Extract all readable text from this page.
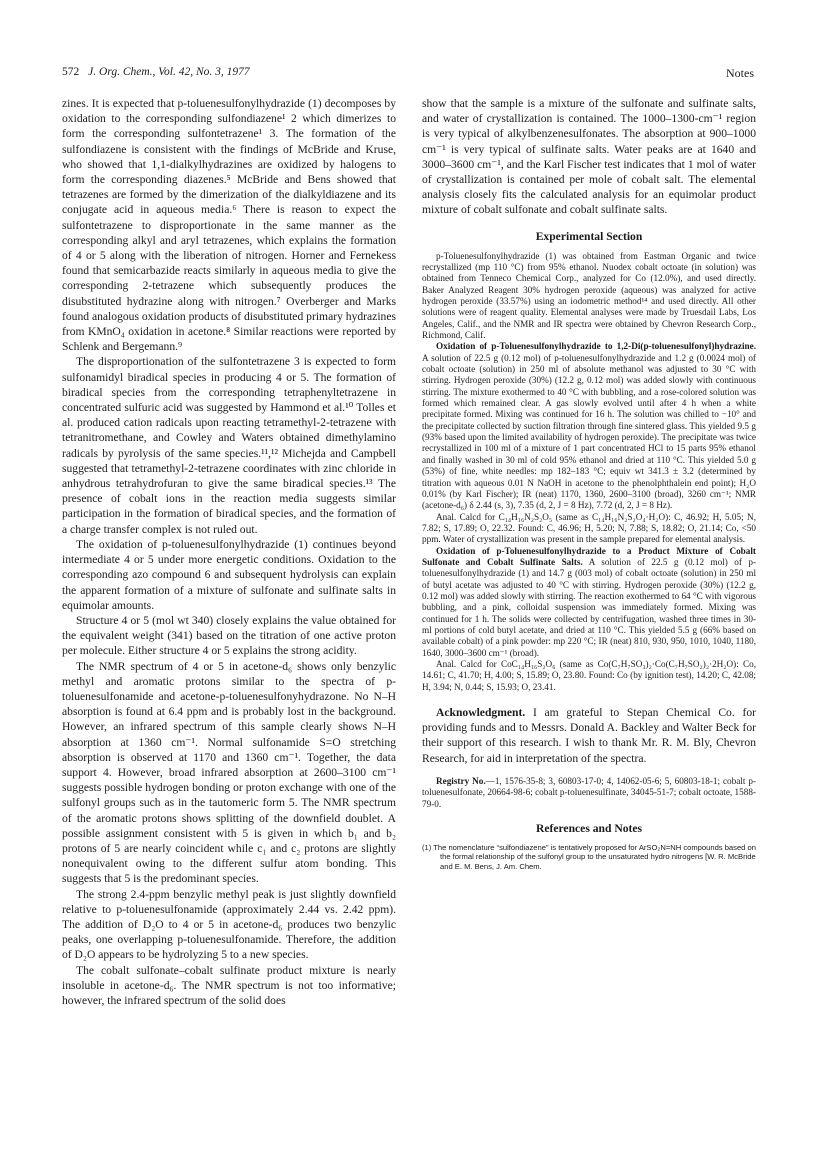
572 J. Org. Chem., Vol. 42, No. 3, 1977	Notes

zines. It is expected that p-toluenesulfonylhydrazide (1) decomposes by oxidation to the corresponding sulfondiazene¹ 2 which dimerizes to form the corresponding sulfontetrazene¹ 3. The formation of the sulfondiazene is consistent with the findings of McBride and Kruse, who showed that 1,1-dialkylhydrazines are oxidized by halogens to form the corresponding diazenes.⁵ McBride and Bens showed that tetrazenes are formed by the dimerization of the dialkyldiazene and its conjugate acid in aqueous media.⁶ There is reason to expect the sulfontetrazene to disproportionate in the same manner as the corresponding alkyl and aryl tetrazenes, which explains the formation of 4 or 5 along with the liberation of nitrogen. Horner and Fernekess found that semicarbazide reacts similarly in aqueous media to give the corresponding 2-tetrazene which subsequently produces the disubstituted hydrazine along with nitrogen.⁷ Overberger and Marks found analogous oxidation products of disubstituted primary hydrazines from KMnO₄ oxidation in acetone.⁸ Similar reactions were reported by Schlenk and Bergemann.⁹

The disproportionation of the sulfontetrazene 3 is expected to form sulfonamidyl biradical species in producing 4 or 5. The formation of biradical species from the corresponding tetraphenyltetrazene in concentrated sulfuric acid was suggested by Hammond et al.¹⁰ Tolles et al. produced cation radicals upon reacting tetramethyl-2-tetrazene with tetranitromethane, and Cowley and Waters obtained dimethylamino radicals by pyrolysis of the same species.¹¹,¹² Michejda and Campbell suggested that tetramethyl-2-tetrazene coordinates with zinc chloride in anhydrous tetrahydrofuran to give the same biradical species.¹³ The presence of cobalt ions in the reaction media suggests similar participation in the formation of biradical species, and the formation of a charge transfer complex is not ruled out.

The oxidation of p-toluenesulfonylhydrazide (1) continues beyond intermediate 4 or 5 under more energetic conditions. Oxidation to the corresponding azo compound 6 and subsequent hydrolysis can explain the apparent formation of a mixture of sulfonate and sulfinate salts in equimolar amounts.

Structure 4 or 5 (mol wt 340) closely explains the value obtained for the equivalent weight (341) based on the titration of one active proton per molecule. Either structure 4 or 5 explains the strong acidity.

The NMR spectrum of 4 or 5 in acetone-d₆ shows only benzylic methyl and aromatic protons similar to the spectra of p-toluenesulfonamide and acetone-p-toluenesulfonyhydrazone. No N–H absorption is found at 6.4 ppm and is probably lost in the background. However, an infrared spectrum of this sample clearly shows N–H absorption at 1360 cm⁻¹. Normal sulfonamide S=O stretching absorption is observed at 1170 and 1360 cm⁻¹. Together, the data support 4. However, broad infrared absorption at 2600–3100 cm⁻¹ suggests possible hydrogen bonding or proton exchange with one of the sulfonyl groups such as in the tautomeric form 5. The NMR spectrum of the aromatic protons shows splitting of the downfield doublet. A possible assignment consistent with 5 is given in which b₁ and b₂ protons of 5 are nearly coincident while c₁ and c₂ protons are slightly nonequivalent owing to the different sulfur atom bonding. This suggests that 5 is the predominant species.

The strong 2.4-ppm benzylic methyl peak is just slightly downfield relative to p-toluenesulfonamide (approximately 2.44 vs. 2.42 ppm). The addition of D₂O to 4 or 5 in acetone-d₆ produces two benzylic peaks, one overlapping p-toluenesulfonamide. Therefore, the addition of D₂O appears to be hydrolyzing 5 to a new species.

The cobalt sulfonate–cobalt sulfinate product mixture is nearly insoluble in acetone-d₆. The NMR spectrum is not too informative; however, the infrared spectrum of the solid does

show that the sample is a mixture of the sulfonate and sulfinate salts, and water of crystallization is contained. The 1000–1300-cm⁻¹ region is very typical of alkylbenzenesulfonates. The absorption at 900–1000 cm⁻¹ is very typical of sulfinate salts. Water peaks are at 1640 and 3000–3600 cm⁻¹, and the Karl Fischer test indicates that 1 mol of water of crystallization is contained per mole of cobalt salt. The elemental analysis closely fits the calculated analysis for an equimolar product mixture of cobalt sulfonate and cobalt sulfinate salts.

Experimental Section

p-Toluenesulfonylhydrazide (1) was obtained from Eastman Organic and twice recrystallized (mp 110 °C) from 95% ethanol. Nuodex cobalt octoate (in solution) was obtained from Tenneco Chemical Corp., analyzed for Co (12.0%), and used directly. Baker Analyzed Reagent 30% hydrogen peroxide (aqueous) was analyzed for active hydrogen peroxide (33.57%) using an iodometric method¹⁴ and used directly. All other solutions were of reagent quality. Elemental analyses were made by Truesdail Labs, Los Angeles, Calif., and the NMR and IR spectra were obtained by Chevron Research Corp., Richmond, Calif.

Oxidation of p-Toluenesulfonylhydrazide to 1,2-Di(p-toluenesulfonyl)hydrazine. A solution of 22.5 g (0.12 mol) of p-toluenesulfonylhydrazide and 1.2 g (0.0024 mol) of cobalt octoate (solution) in 250 ml of absolute methanol was adjusted to 30 °C with stirring. Hydrogen peroxide (30%) (12.2 g, 0.12 mol) was added slowly with continuous stirring. The mixture exothermed to 40 °C with bubbling, and a rose-colored solution was formed which remained clear. A gas slowly evolved until after 4 h when a white precipitate formed. Mixing was continued for 16 h. The solution was chilled to −10° and the precipitate collected by suction filtration through fine sintered glass. This yielded 9.5 g (93% based upon the limited availability of hydrogen peroxide). The precipitate was twice recrystallized in 100 ml of a mixture of 1 part concentrated HCl to 15 parts 95% ethanol and finally washed in 30 ml of cold 95% ethanol and dried at 110 °C. This yielded 5.0 g (53%) of fine, white needles: mp 182–183 °C; equiv wt 341.3 ± 3.2 (determined by titration with aqueous 0.01 N NaOH in acetone to the phenolphthalein end point); H₂O 0.01% (by Karl Fischer); IR (neat) 1170, 1360, 2600–3100 (broad), 3260 cm⁻¹; NMR (acetone-d₆) δ 2.44 (s, 3), 7.35 (d, 2, J = 8 Hz), 7.72 (d, 2, J = 8 Hz).

Anal. Calcd for C₁₄H₁₆N₂S₂O₅ (same as C₁₄H₁₆N₂S₂O₄·H₂O): C, 46.92; H, 5.05; N, 7.82; S, 17.89; O, 22.32. Found: C, 46.96; H, 5.20; N, 7.88; S, 18.82; O, 21.14; Co, <50 ppm. Water of crystallization was present in the sample prepared for elemental analysis.

Oxidation of p-Toluenesulfonylhydrazide to a Product Mixture of Cobalt Sulfonate and Cobalt Sulfinate Salts. A solution of 22.5 g (0.12 mol) of p-toluenesulfonylhydrazide (1) and 14.7 g (003 mol) of cobalt octoate (solution) in 250 ml of butyl acetate was adjusted to 40 °C with stirring. Hydrogen peroxide (30%) (12.2 g, 0.12 mol) was added slowly with stirring. The reaction exothermed to 64 °C with vigorous bubbling, and a pink, colloidal suspension was immediately formed. Mixing was continued for 1 h. The solids were collected by centrifugation, washed three times in 30-ml portions of cold butyl acetate, and dried at 110 °C. This yielded 5.5 g (66% based on available cobalt) of a pink powder: mp 220 °C; IR (neat) 810, 930, 950, 1010, 1040, 1180, 1640, 3000–3600 cm⁻¹ (broad).

Anal. Calcd for CoC₁₄H₁₆S₂O₆ (same as Co(C₇H₇SO₃)₂·Co(C₇H₇SO₂)₂·2H₂O): Co, 14.61; C, 41.70; H, 4.00; S, 15.89; O, 23.80. Found: Co (by ignition test), 14.20; C, 42.08; H, 3.94; N, 0.44; S, 15.93; O, 23.41.

Acknowledgment. I am grateful to Stepan Chemical Co. for providing funds and to Messrs. Donald A. Backley and Walter Beck for their support of this research. I wish to thank Mr. R. M. Bly, Chevron Research, for aid in interpretation of the spectra.

Registry No.—1, 1576-35-8; 3, 60803-17-0; 4, 14062-05-6; 5, 60803-18-1; cobalt p-toluenesulfonate, 20664-98-6; cobalt p-toluenesulfinate, 34045-51-7; cobalt octoate, 1588-79-0.

References and Notes

(1) The nomenclature “sulfondiazene” is tentatively proposed for ArSO₂N=NH compounds based on the formal relationship of the sulfonyl group to the unsaturated hydro nitrogens [W. R. McBride and E. M. Bens, J. Am. Chem.
